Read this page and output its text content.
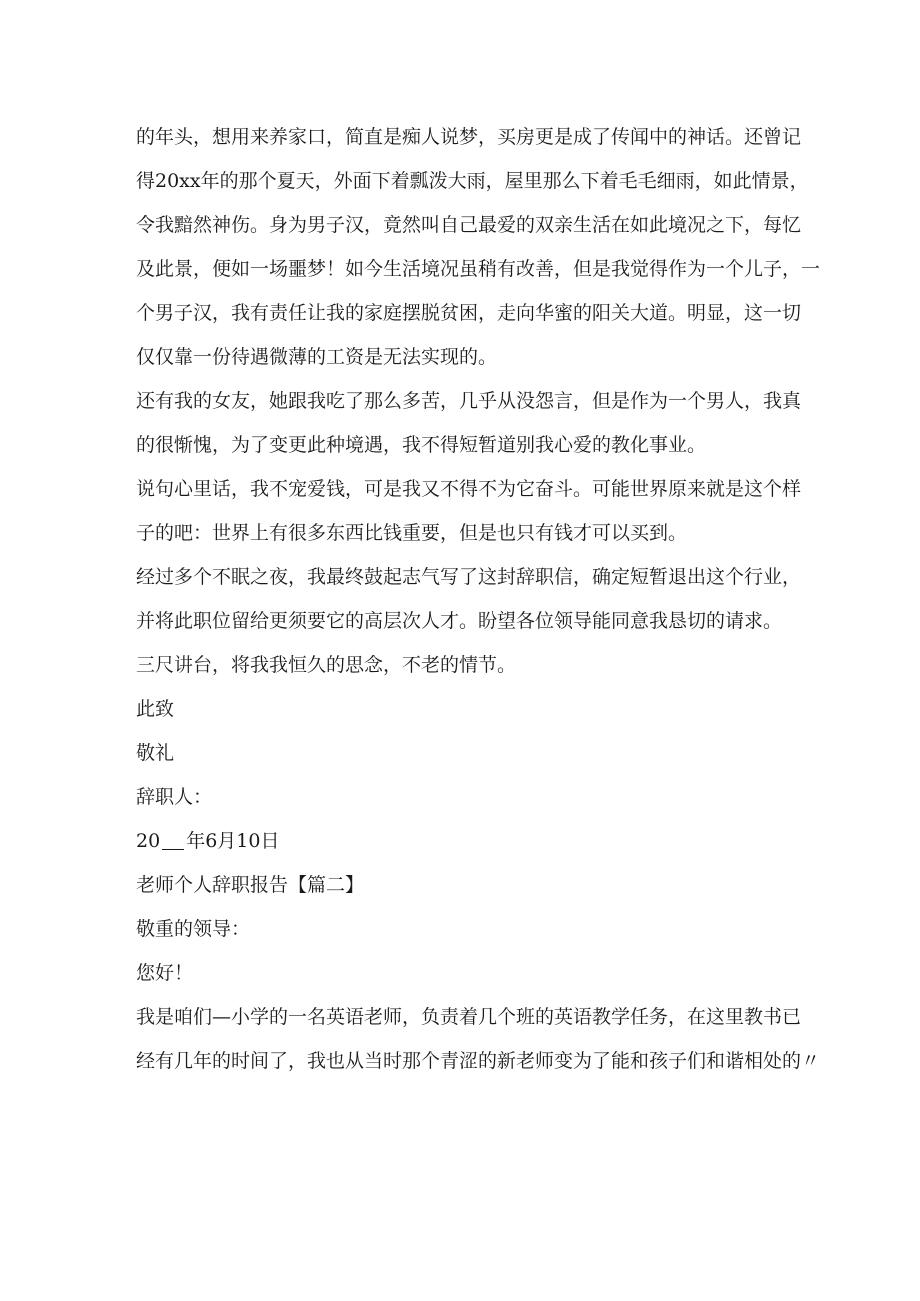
的年头，想用来养家口，简直是痴人说梦，买房更是成了传闻中的神话。还曾记

得20xx年的那个夏天，外面下着瓢泼大雨，屋里那么下着毛毛细雨，如此情景，

令我黯然神伤。身为男子汉，竟然叫自己最爱的双亲生活在如此境况之下，每忆

及此景，便如一场噩梦！如今生活境况虽稍有改善，但是我觉得作为一个儿子，一

个男子汉，我有责任让我的家庭摆脱贫困，走向华蜜的阳关大道。明显，这一切

仅仅靠一份待遇微薄的工资是无法实现的。

还有我的女友，她跟我吃了那么多苦，几乎从没怨言，但是作为一个男人，我真

的很惭愧，为了变更此种境遇，我不得短暂道别我心爱的教化事业。

说句心里话，我不宠爱钱，可是我又不得不为它奋斗。可能世界原来就是这个样

子的吧：世界上有很多东西比钱重要，但是也只有钱才可以买到。

经过多个不眠之夜，我最终鼓起志气写了这封辞职信，确定短暂退出这个行业，

并将此职位留给更须要它的高层次人才。盼望各位领导能同意我恳切的请求。

三尺讲台，将我我恒久的思念，不老的情节。

此致

敬礼

辞职人：

20 年6月10日

老师个人辞职报告【篇二】

敬重的领导：

您好！

我是咱们—小学的一名英语老师，负责着几个班的英语教学任务，在这里教书已

经有几年的时间了，我也从当时那个青涩的新老师变为了能和孩子们和谐相处的〃
